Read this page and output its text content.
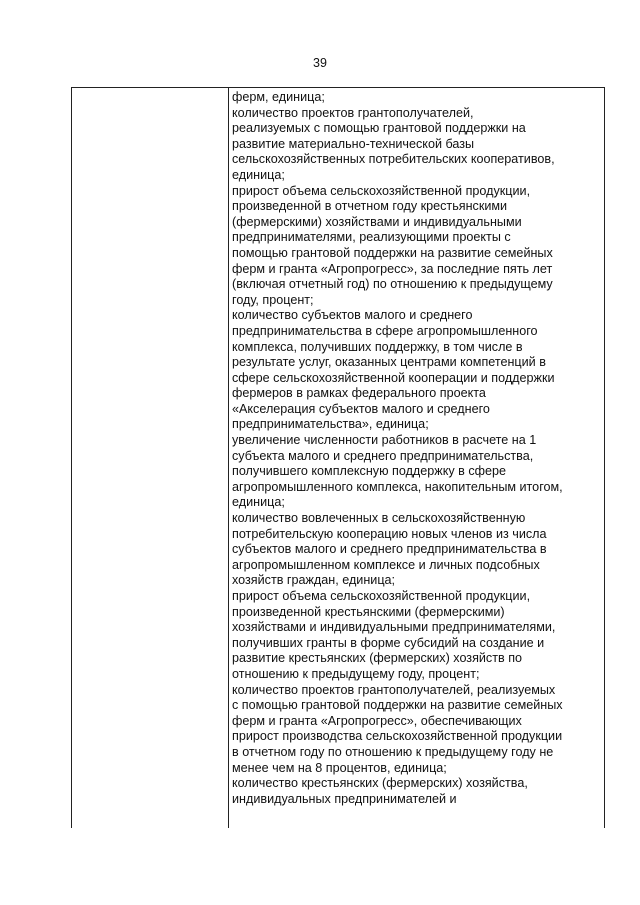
39
ферм, единица;
количество проектов грантополучателей,
реализуемых с помощью грантовой поддержки на
развитие материально-технической базы
сельскохозяйственных потребительских кооперативов,
единица;
прирост объема сельскохозяйственной продукции,
произведенной в отчетном году крестьянскими
(фермерскими) хозяйствами и индивидуальными
предпринимателями, реализующими проекты с
помощью грантовой поддержки на развитие семейных
ферм и гранта «Агропрогресс», за последние пять лет
(включая отчетный год) по отношению к предыдущему
году, процент;
количество субъектов малого и среднего
предпринимательства в сфере агропромышленного
комплекса, получивших поддержку, в том числе в
результате услуг, оказанных центрами компетенций в
сфере сельскохозяйственной кооперации и поддержки
фермеров в рамках федерального проекта
«Акселерация субъектов малого и среднего
предпринимательства», единица;
увеличение численности работников в расчете на 1
субъекта малого и среднего предпринимательства,
получившего комплексную поддержку в сфере
агропромышленного комплекса, накопительным итогом,
единица;
количество вовлеченных в сельскохозяйственную
потребительскую кооперацию новых членов из числа
субъектов малого и среднего предпринимательства в
агропромышленном комплексе и личных подсобных
хозяйств граждан, единица;
прирост объема сельскохозяйственной продукции,
произведенной крестьянскими (фермерскими)
хозяйствами и индивидуальными предпринимателями,
получивших гранты в форме субсидий на создание и
развитие крестьянских (фермерских) хозяйств по
отношению к предыдущему году, процент;
количество проектов грантополучателей, реализуемых
с помощью грантовой поддержки на развитие семейных
ферм и гранта «Агропрогресс», обеспечивающих
прирост производства сельскохозяйственной продукции
в отчетном году по отношению к предыдущему году не
менее чем на 8 процентов, единица;
количество крестьянских (фермерских) хозяйства,
индивидуальных предпринимателей и
